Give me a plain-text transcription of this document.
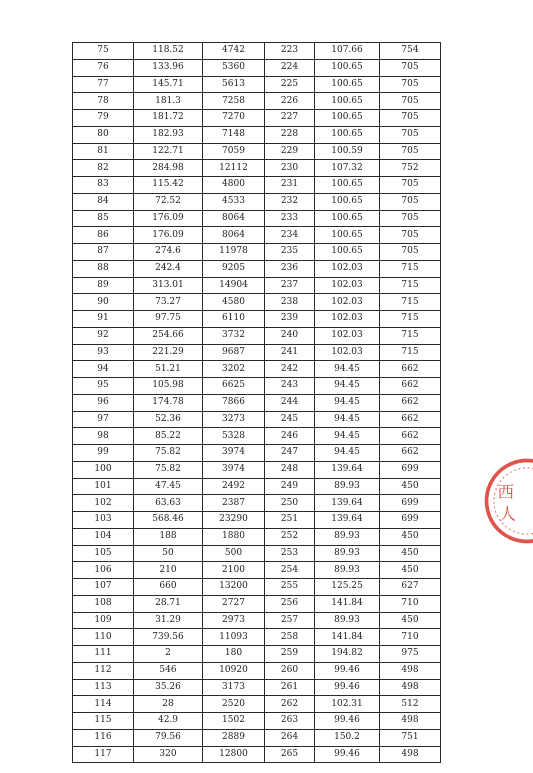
75	118.52	4742	223	107.66	754
76	133.96	5360	224	100.65	705
77	145.71	5613	225	100.65	705
78	181.3	7258	226	100.65	705
79	181.72	7270	227	100.65	705
80	182.93	7148	228	100.65	705
81	122.71	7059	229	100.59	705
82	284.98	12112	230	107.32	752
83	115.42	4800	231	100.65	705
84	72.52	4533	232	100.65	705
85	176.09	8064	233	100.65	705
86	176.09	8064	234	100.65	705
87	274.6	11978	235	100.65	705
88	242.4	9205	236	102.03	715
89	313.01	14904	237	102.03	715
90	73.27	4580	238	102.03	715
91	97.75	6110	239	102.03	715
92	254.66	3732	240	102.03	715
93	221.29	9687	241	102.03	715
94	51.21	3202	242	94.45	662
95	105.98	6625	243	94.45	662
96	174.78	7866	244	94.45	662
97	52.36	3273	245	94.45	662
98	85.22	5328	246	94.45	662
99	75.82	3974	247	94.45	662
100	75.82	3974	248	139.64	699
101	47.45	2492	249	89.93	450
102	63.63	2387	250	139.64	699
103	568.46	23290	251	139.64	699
104	188	1880	252	89.93	450
105	50	500	253	89.93	450
106	210	2100	254	89.93	450
107	660	13200	255	125.25	627
108	28.71	2727	256	141.84	710
109	31.29	2973	257	89.93	450
110	739.56	11093	258	141.84	710
111	2	180	259	194.82	975
112	546	10920	260	99.46	498
113	35.26	3173	261	99.46	498
114	28	2520	262	102.31	512
115	42.9	1502	263	99.46	498
116	79.56	2889	264	150.2	751
117	320	12800	265	99.46	498
西
人
